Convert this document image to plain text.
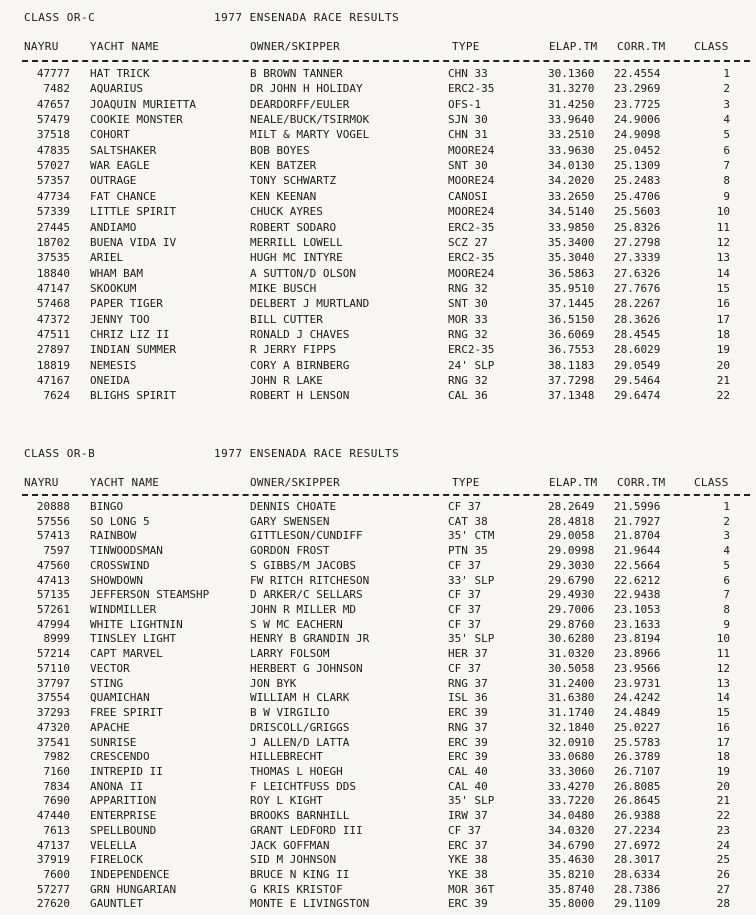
CLASS OR-C	1977 ENSENADA RACE RESULTS
NAYRU	YACHT NAME	OWNER/SKIPPER	TYPE	ELAP.TM CORR.TM	CLASS
47777 HAT TRICK	B BROWN TANNER	CHN 33	30.1360 22.4554	1
7482 AQUARIUS	DR JOHN H HOLIDAY	ERC2-35	31.3270 23.2969	2
47657 JOAQUIN MURIETTA	DEARDORFF/EULER	OFS-1	31.4250 23.7725	3
57479 COOKIE MONSTER	NEALE/BUCK/TSIRMOK	SJN 30	33.9640 24.9006	4
37518 COHORT	MILT & MARTY VOGEL	CHN 31	33.2510 24.9098	5
47835 SALTSHAKER	BOB BOYES	MOORE24	33.9630 25.0452	6
57027 WAR EAGLE	KEN BATZER	SNT 30	34.0130 25.1309	7
57357 OUTRAGE	TONY SCHWARTZ	MOORE24	34.2020 25.2483	8
47734 FAT CHANCE	KEN KEENAN	CANOSI	33.2650 25.4706	9
57339 LITTLE SPIRIT	CHUCK AYRES	MOORE24	34.5140 25.5603	10
27445 ANDIAMO	ROBERT SODARO	ERC2-35	33.9850 25.8326	11
18702 BUENA VIDA IV	MERRILL LOWELL	SCZ 27	35.3400 27.2798	12
37535 ARIEL	HUGH MC INTYRE	ERC2-35	35.3040 27.3339	13
18840 WHAM BAM	A SUTTON/D OLSON	MOORE24	36.5863 27.6326	14
47147 SKOOKUM	MIKE BUSCH	RNG 32	35.9510 27.7676	15
57468 PAPER TIGER	DELBERT J MURTLAND	SNT 30	37.1445 28.2267	16
47372 JENNY TOO	BILL CUTTER	MOR 33	36.5150 28.3626	17
47511 CHRIZ LIZ II	RONALD J CHAVES	RNG 32	36.6069 28.4545	18
27897 INDIAN SUMMER	R JERRY FIPPS	ERC2-35	36.7553 28.6029	19
18819 NEMESIS	CORY A BIRNBERG	24' SLP	38.1183 29.0549	20
47167 ONEIDA	JOHN R LAKE	RNG 32	37.7298 29.5464	21
7624 BLIGHS SPIRIT	ROBERT H LENSON	CAL 36	37.1348 29.6474	22
CLASS OR-B	1977 ENSENADA RACE RESULTS
NAYRU	YACHT NAME	OWNER/SKIPPER	TYPE	ELAP.TM CORR.TM	CLASS
20888 BINGO	DENNIS CHOATE	CF 37	28.2649 21.5996	1
57556 SO LONG 5	GARY SWENSEN	CAT 38	28.4818 21.7927	2
57413 RAINBOW	GITTLESON/CUNDIFF	35' CTM	29.0058 21.8704	3
7597 TINWOODSMAN	GORDON FROST	PTN 35	29.0998 21.9644	4
47560 CROSSWIND	S GIBBS/M JACOBS	CF 37	29.3030 22.5664	5
47413 SHOWDOWN	FW RITCH RITCHESON	33' SLP	29.6790 22.6212	6
57135 JEFFERSON STEAMSHP	D ARKER/C SELLARS	CF 37	29.4930 22.9438	7
57261 WINDMILLER	JOHN R MILLER MD	CF 37	29.7006 23.1053	8
47994 WHITE LIGHTNIN	S W MC EACHERN	CF 37	29.8760 23.1633	9
8999 TINSLEY LIGHT	HENRY B GRANDIN JR	35' SLP	30.6280 23.8194	10
57214 CAPT MARVEL	LARRY FOLSOM	HER 37	31.0320 23.8966	11
57110 VECTOR	HERBERT G JOHNSON	CF 37	30.5058 23.9566	12
37797 STING	JON BYK	RNG 37	31.2400 23.9731	13
37554 QUAMICHAN	WILLIAM H CLARK	ISL 36	31.6380 24.4242	14
37293 FREE SPIRIT	B W VIRGILIO	ERC 39	31.1740 24.4849	15
47320 APACHE	DRISCOLL/GRIGGS	RNG 37	32.1840 25.0227	16
37541 SUNRISE	J ALLEN/D LATTA	ERC 39	32.0910 25.5783	17
7982 CRESCENDO	HILLEBRECHT	ERC 39	33.0680 26.3789	18
7160 INTREPID II	THOMAS L HOEGH	CAL 40	33.3060 26.7107	19
7834 ANONA II	F LEICHTFUSS DDS	CAL 40	33.4270 26.8085	20
7690 APPARITION	ROY L KIGHT	35' SLP	33.7220 26.8645	21
47440 ENTERPRISE	BROOKS BARNHILL	IRW 37	34.0480 26.9388	22
7613 SPELLBOUND	GRANT LEDFORD III	CF 37	34.0320 27.2234	23
47137 VELELLA	JACK GOFFMAN	ERC 37	34.6790 27.6972	24
37919 FIRELOCK	SID M JOHNSON	YKE 38	35.4630 28.3017	25
7600 INDEPENDENCE	BRUCE N KING II	YKE 38	35.8210 28.6334	26
57277 GRN HUNGARIAN	G KRIS KRISTOF	MOR 36T	35.8740 28.7386	27
27620 GAUNTLET	MONTE E LIVINGSTON	ERC 39	35.8000 29.1109	28
